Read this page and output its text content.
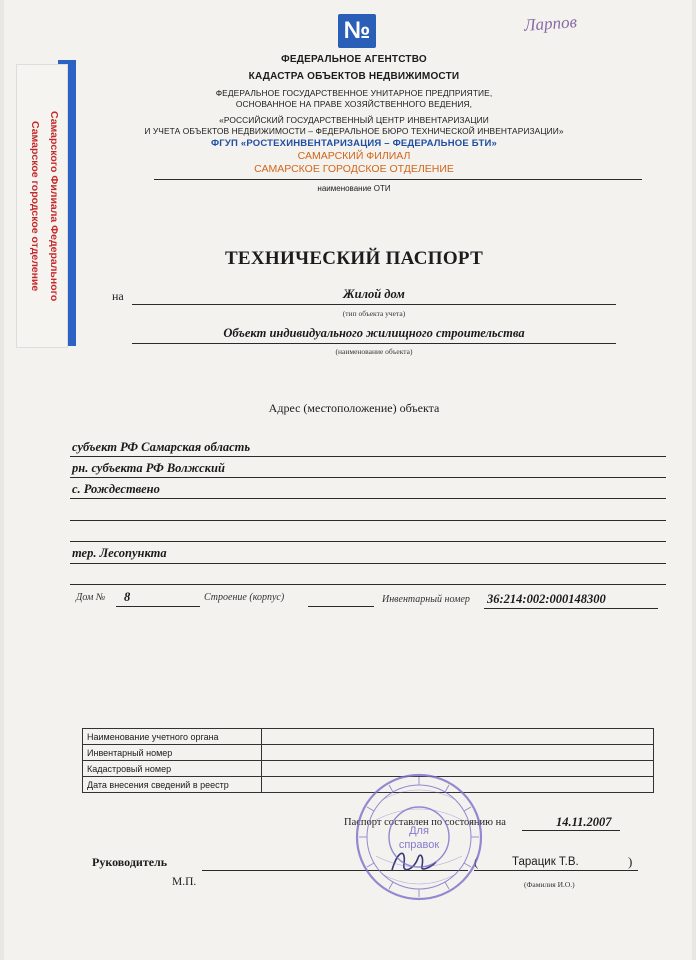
Ларпов
Самарское городское отделение Самарского Филиала Федерального
№
ФЕДЕРАЛЬНОЕ АГЕНТСТВО
КАДАСТРА ОБЪЕКТОВ НЕДВИЖИМОСТИ
ФЕДЕРАЛЬНОЕ ГОСУДАРСТВЕННОЕ УНИТАРНОЕ ПРЕДПРИЯТИЕ,
ОСНОВАННОЕ НА ПРАВЕ ХОЗЯЙСТВЕННОГО ВЕДЕНИЯ,
«РОССИЙСКИЙ ГОСУДАРСТВЕННЫЙ ЦЕНТР ИНВЕНТАРИЗАЦИИ
И УЧЕТА ОБЪЕКТОВ НЕДВИЖИМОСТИ – ФЕДЕРАЛЬНОЕ БЮРО ТЕХНИЧЕСКОЙ ИНВЕНТАРИЗАЦИИ»
ФГУП «РОСТЕХИНВЕНТАРИЗАЦИЯ – ФЕДЕРАЛЬНОЕ БТИ»
САМАРСКИЙ ФИЛИАЛ
САМАРСКОЕ ГОРОДСКОЕ ОТДЕЛЕНИЕ
наименование ОТИ
ТЕХНИЧЕСКИЙ ПАСПОРТ
на	Жилой дом
(тип объекта учета)
Объект индивидуального жилищного строительства
(наименование объекта)
Адрес (местоположение) объекта
субъект РФ Самарская область
рн. субъекта РФ Волжский
с. Рождествено
тер. Лесопункта
Дом № 8	Строение (корпус)	Инвентарный номер 36:214:002:000148300
Наименование учетного органа	
Инвентарный номер	
Кадастровый номер	
Дата внесения сведений в реестр	
Паспорт составлен по состоянию на	14.11.2007
Руководитель	(	Тарацик Т.В.	)
М.П.	(Фамилия И.О.)
Для
справок
